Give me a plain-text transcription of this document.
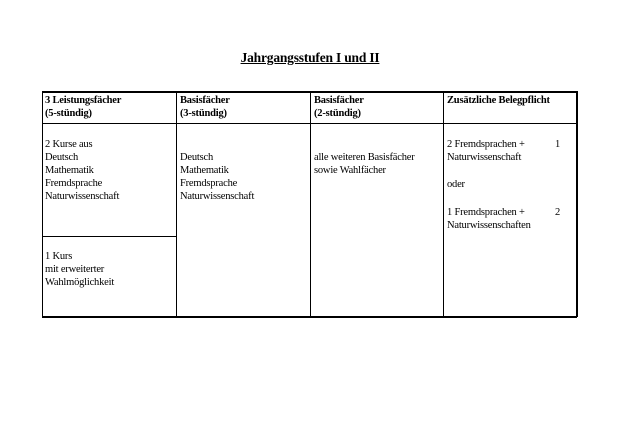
Jahrgangsstufen I und II
3 Leistungsfächer
(5-stündig)
Basisfächer
(3-stündig)
Basisfächer
(2-stündig)
Zusätzliche Belegpflicht
2 Kurse aus
Deutsch
Mathematik
Fremdsprache
Naturwissenschaft
1 Kurs
mit erweiterter
Wahlmöglichkeit
Deutsch
Mathematik
Fremdsprache
Naturwissenschaft
alle weiteren Basisfächer
sowie Wahlfächer
2 Fremdsprachen +
Naturwissenschaft
1
oder
1 Fremdsprachen +
Naturwissenschaften
2
